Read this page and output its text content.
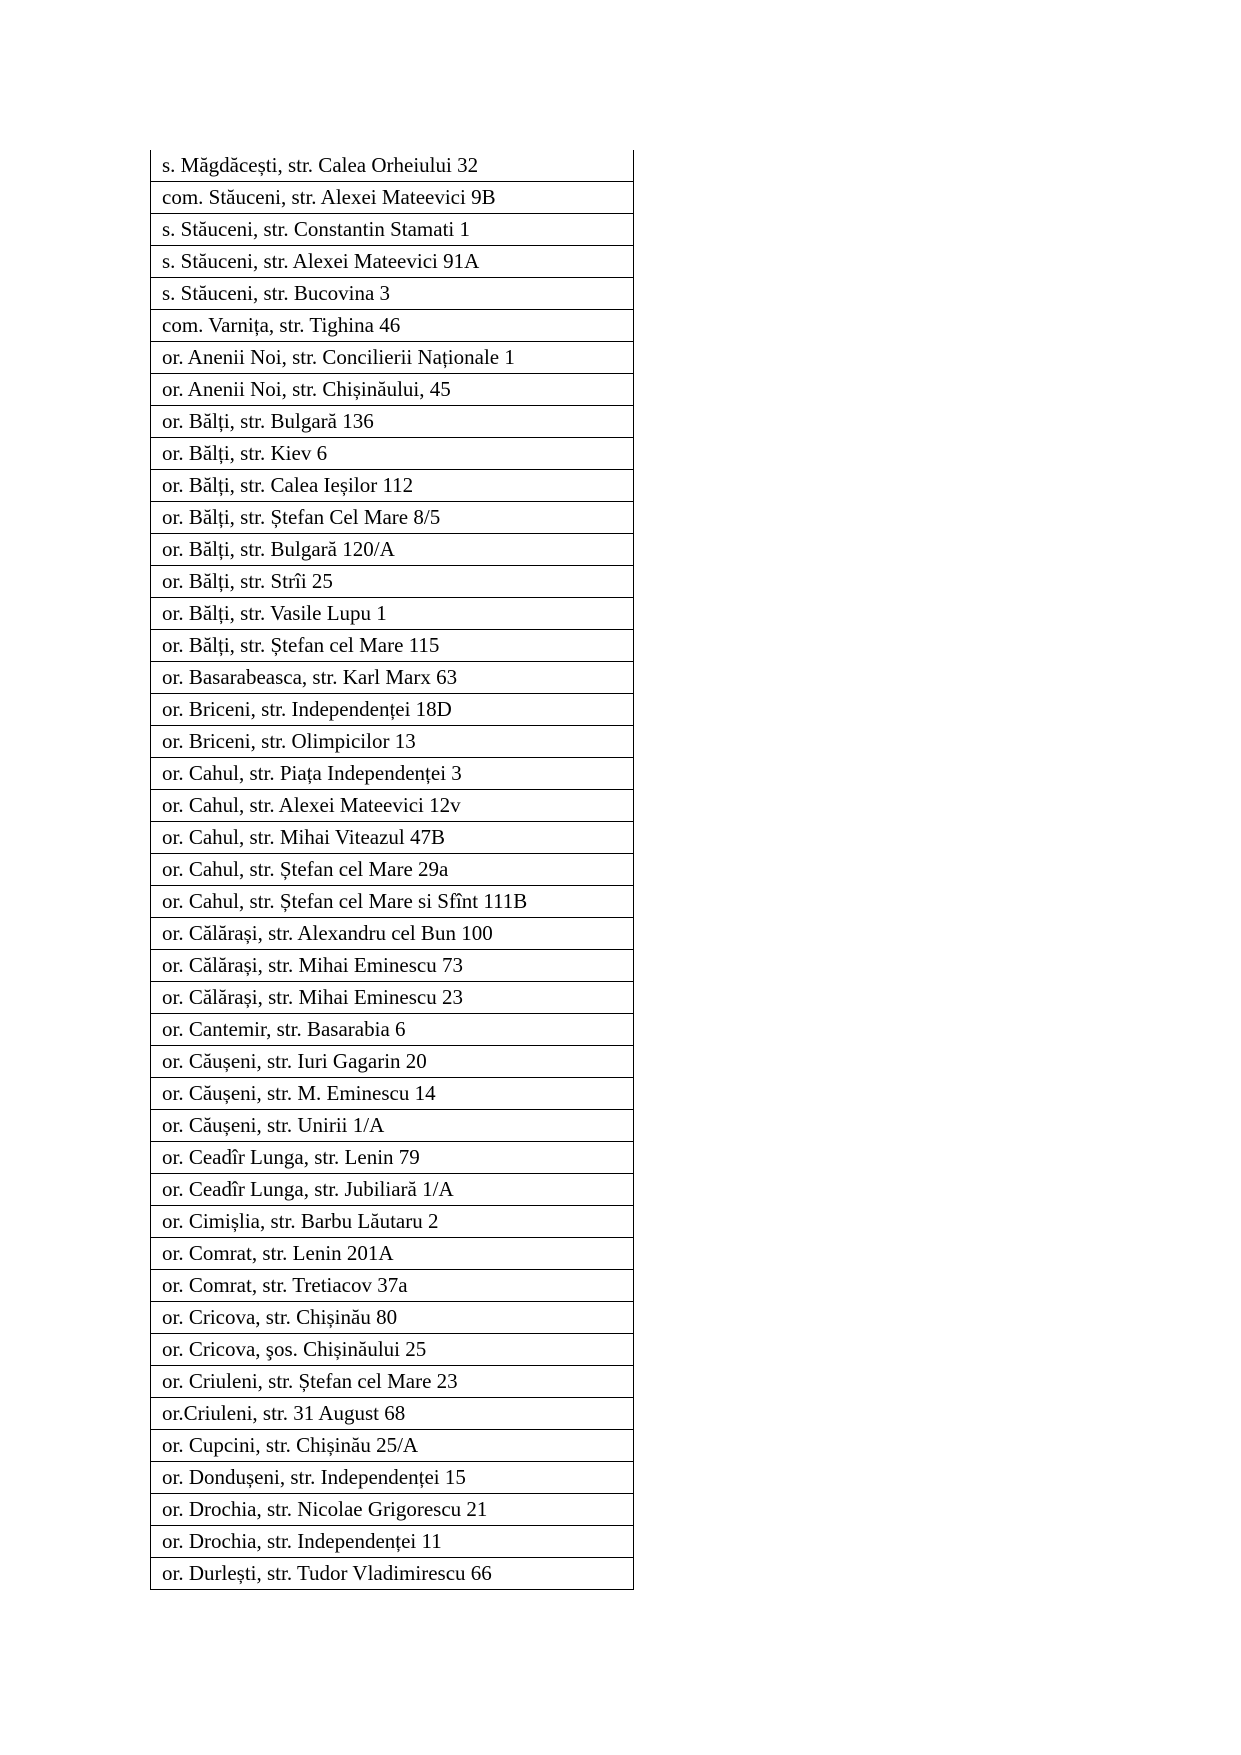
s. Măgdăcești, str. Calea Orheiului 32
com. Stăuceni, str. Alexei Mateevici 9B
s. Stăuceni, str. Constantin Stamati 1
s. Stăuceni, str. Alexei Mateevici 91A
s. Stăuceni, str. Bucovina 3
com. Varnița, str. Tighina 46
or. Anenii Noi, str. Concilierii Naționale 1
or. Anenii Noi, str. Chișinăului, 45
or. Bălți, str. Bulgară 136
or. Bălți, str. Kiev 6
or. Bălți, str. Calea Ieșilor 112
or. Bălți, str. Ștefan Cel Mare 8/5
or. Bălți, str. Bulgară 120/A
or. Bălți, str. Strîi 25
or. Bălți, str. Vasile Lupu 1
or. Bălți, str. Ștefan cel Mare 115
or. Basarabeasca, str. Karl Marx 63
or. Briceni, str. Independenței 18D
or. Briceni, str. Olimpicilor 13
or. Cahul, str. Piața Independenței 3
or. Cahul, str. Alexei Mateevici 12v
or. Cahul, str. Mihai Viteazul 47B
or. Cahul, str. Ștefan cel Mare 29a
or. Cahul, str. Ștefan cel Mare si Sfînt 111B
or. Călărași, str. Alexandru cel Bun 100
or. Călărași, str. Mihai Eminescu 73
or. Călărași, str. Mihai Eminescu 23
or. Cantemir, str. Basarabia 6
or. Căușeni, str. Iuri Gagarin 20
or. Căușeni, str. M. Eminescu 14
or. Căușeni, str. Unirii 1/A
or. Ceadîr Lunga, str. Lenin 79
or. Ceadîr Lunga, str. Jubiliară 1/A
or. Cimișlia, str. Barbu Lăutaru 2
or. Comrat, str. Lenin 201A
or. Comrat, str. Tretiacov 37a
or. Cricova, str. Chișinău 80
or. Cricova, şos. Chișinăului 25
or. Criuleni, str. Ștefan cel Mare 23
or.Criuleni, str. 31 August 68
or. Cupcini, str. Chișinău 25/A
or. Dondușeni, str. Independenței 15
or. Drochia, str. Nicolae Grigorescu 21
or. Drochia, str. Independenței 11
or. Durlești, str. Tudor Vladimirescu 66
